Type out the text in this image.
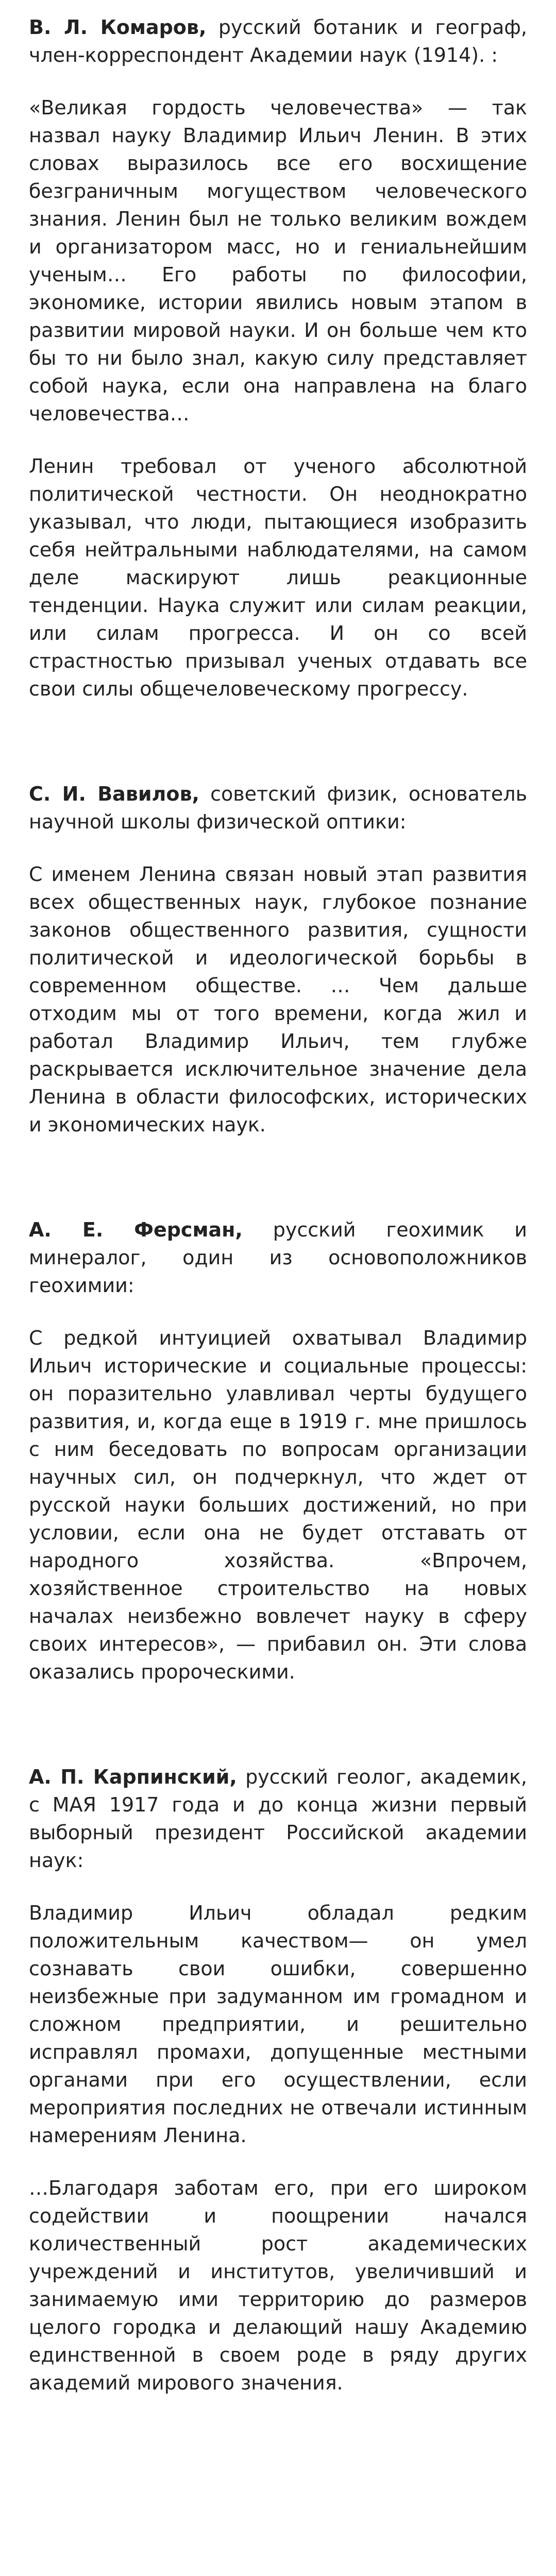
В. Л. Комаров, русский ботаник и географ, член-корреспондент Академии наук (1914). :

«Великая гордость человечества» — так назвал науку Владимир Ильич Ленин. В этих словах выразилось все его восхищение безграничным могуществом человеческого знания. Ленин был не только великим вождем и организатором масс, но и гениальнейшим ученым… Его работы по философии, экономике, истории явились новым этапом в развитии мировой науки. И он больше чем кто бы то ни было знал, какую силу представляет собой наука, если она направлена на благо человечества…

Ленин требовал от ученого абсолютной политической честности. Он неоднократно указывал, что люди, пытающиеся изобразить себя нейтральными наблюдателями, на самом деле маскируют лишь реакционные тенденции. Наука служит или силам реакции, или силам прогресса. И он со всей страстностью призывал ученых отдавать все свои силы общечеловеческому прогрессу.

С. И. Вавилов, советский физик, основатель научной школы физической оптики:

С именем Ленина связан новый этап развития всех общественных наук, глубокое познание законов общественного развития, сущности политической и идеологической борьбы в современном обществе. … Чем дальше отходим мы от того времени, когда жил и работал Владимир Ильич, тем глубже раскрывается исключительное значение дела Ленина в области философских, исторических и экономических наук.

А. Е. Ферсман, русский геохимик и минералог, один из основоположников геохимии:

С редкой интуицией охватывал Владимир Ильич исторические и социальные процессы: он поразительно улавливал черты будущего развития, и, когда еще в 1919 г. мне пришлось с ним беседовать по вопросам организации научных сил, он подчеркнул, что ждет от русской науки больших достижений, но при условии, если она не будет отставать от народного хозяйства. «Впрочем, хозяйственное строительство на новых началах неизбежно вовлечет науку в сферу своих интересов», — прибавил он. Эти слова оказались пророческими.

А. П. Карпинский, русский геолог, академик, с МАЯ 1917 года и до конца жизни первый выборный президент Российской академии наук:

Владимир Ильич обладал редким положительным качеством— он умел сознавать свои ошибки, совершенно неизбежные при задуманном им громадном и сложном предприятии, и решительно исправлял промахи, допущенные местными органами при его осуществлении, если мероприятия последних не отвечали истинным намерениям Ленина.

…Благодаря заботам его, при его широком содействии и поощрении начался количественный рост академических учреждений и институтов, увеличивший и занимаемую ими территорию до размеров целого городка и делающий нашу Академию единственной в своем роде в ряду других академий мирового значения.
